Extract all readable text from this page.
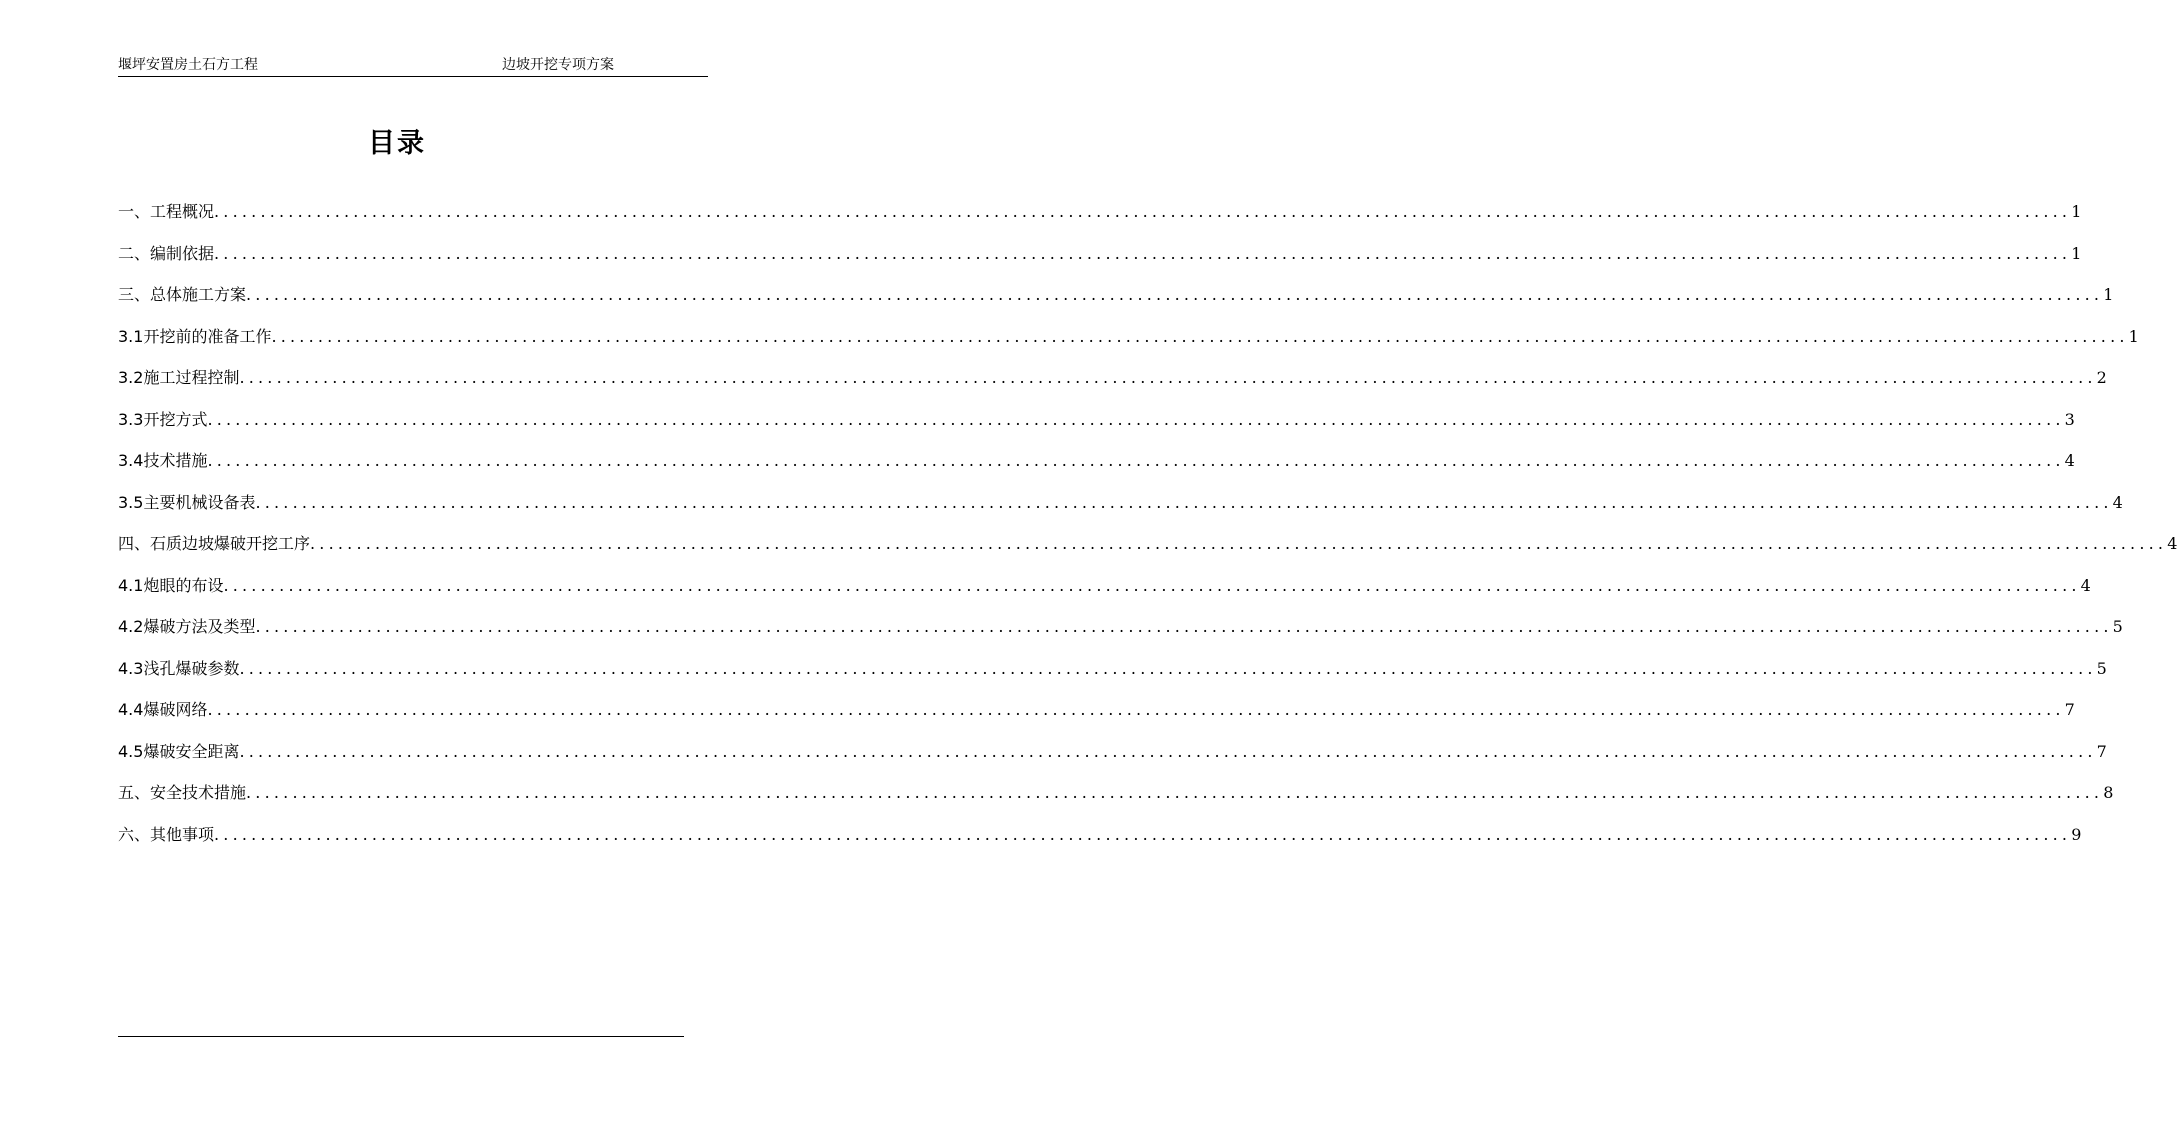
堰坪安置房土石方工程	边坡开挖专项方案
目录
一、工程概况 ........................................................................................................................................................................................................ 1
二、编制依据 ........................................................................................................................................................................................................ 1
三、总体施工方案 ........................................................................................................................................................................................................ 1
3.1开挖前的准备工作 ........................................................................................................................................................................................................ 1
3.2施工过程控制 ........................................................................................................................................................................................................ 2
3.3开挖方式 ........................................................................................................................................................................................................ 3
3.4技术措施 ........................................................................................................................................................................................................ 4
3.5主要机械设备表 ........................................................................................................................................................................................................ 4
四、石质边坡爆破开挖工序 ........................................................................................................................................................................................................ 4
4.1炮眼的布设 ........................................................................................................................................................................................................ 4
4.2爆破方法及类型 ........................................................................................................................................................................................................ 5
4.3浅孔爆破参数 ........................................................................................................................................................................................................ 5
4.4爆破网络 ........................................................................................................................................................................................................ 7
4.5爆破安全距离 ........................................................................................................................................................................................................ 7
五、安全技术措施 ........................................................................................................................................................................................................ 8
六、其他事项 ........................................................................................................................................................................................................ 9
